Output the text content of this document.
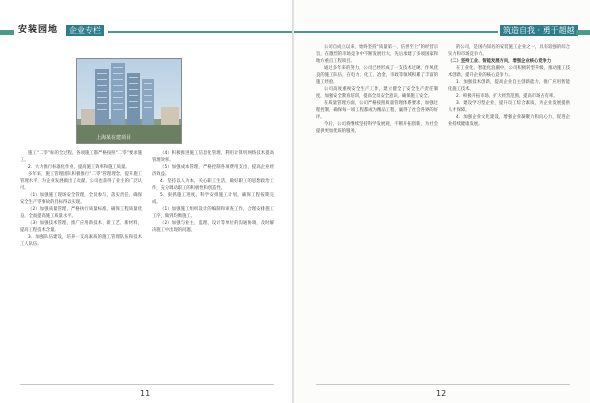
安装园地	企业专栏
上海某在建项目

施工“二零”标的全过程，各项施工都严格按照“二零”要求施工。

2．大力推行标准化作业，提高施工效率和施工质量。

多年来，施工管理团队积极推行“二零”管理理念，提升施工管理水平，为企业发展做出了贡献，公司也获得了业主的广泛认可。

（1）加强施工现场安全管理，全员参与，落实责任，确保安全生产零事故的目标得以实现。

（2）加强质量管理，严格执行质量标准，确保工程质量优良，全面提高施工质量水平。

（3）加强技术管理，推广应用新技术、新工艺、新材料，提高工程技术含量。

3．加强队伍建设，培养一支高素质的施工管理队伍和技术工人队伍。

（4）积极推进施工信息化管理，利用计算机网络技术提高管理效率。

（5）加强成本管理，严格控制各项费用支出，提高企业经济效益。

4．坚持以人为本，关心职工生活，做好职工的思想政治工作，充分调动职工的积极性和创造性。

5．狠抓施工进度，科学安排施工计划，确保工程按期完成。

（1）加强施工组织设计的编制和审查工作，合理安排施工工序，做到均衡施工。

（2）加强与业主、监理、设计等单位的沟通协调，及时解决施工中出现的问题。

11
筑造自我 · 勇于超越

公司自成立以来，始终坚持“质量第一、信誉至上”的经营宗旨，在激烈的市场竞争中不断发展壮大，先后承建了多项国家和地方重点工程项目。

通过多年来的努力，公司已经形成了一支技术过硬、作风优良的施工队伍，在电力、化工、冶金、市政等领域积累了丰富的施工经验。

公司高度重视安全生产工作，建立健全了安全生产责任制度，加强安全教育培训，提高全员安全意识，确保施工安全。

在质量管理方面，公司严格按照质量管理体系要求，加强过程控制，确保每一项工程都成为精品工程，赢得了社会各界的好评。

今后，公司将继续坚持科学发展观，不断开拓创新，为社会提供更加优质的服务。

的公司，是国内知名的安装施工企业之一，具有较强的综合实力和市场竞争力。

（二）坚持工业、智能发展方向，增强企业核心竞争力

在工业化、智能化浪潮中，公司积极转型升级，推动施工技术创新，提升企业的核心竞争力。

1．加强技术创新，提高企业自主创新能力，推广应用智能化施工技术。

2．积极开拓市场，扩大经营范围，提高市场占有率。

3．建设学习型企业，提升员工综合素质，为企业发展提供人才保障。

4．加强企业文化建设，增强企业凝聚力和向心力，促进企业持续健康发展。

12
